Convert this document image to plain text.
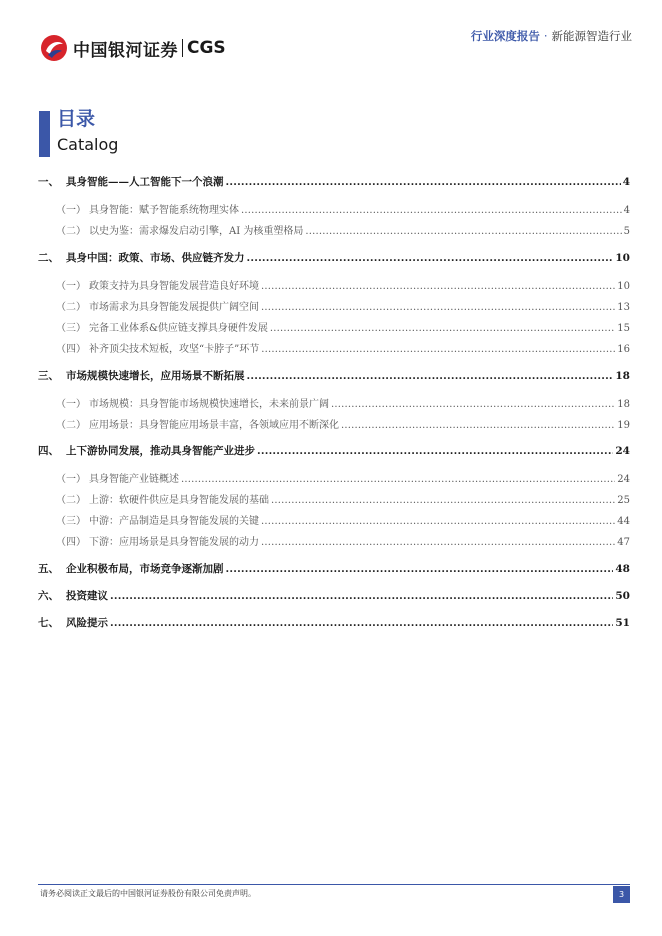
中国银河证券 CGS
行业深度报告 · 新能源智造行业
目录
Catalog
一、 具身智能——人工智能下一个浪潮 .....	4
（一） 具身智能：赋予智能系统物理实体 .....	4
（二） 以史为鉴：需求爆发启动引擎，AI 为核重塑格局 .....	5
二、 具身中国：政策、市场、供应链齐发力 .....	10
（一） 政策支持为具身智能发展营造良好环境 .....	10
（二） 市场需求为具身智能发展提供广阔空间 .....	13
（三） 完备工业体系&供应链支撑具身硬件发展 .....	15
（四） 补齐顶尖技术短板，攻坚“卡脖子”环节 .....	16
三、 市场规模快速增长，应用场景不断拓展 .....	18
（一） 市场规模：具身智能市场规模快速增长，未来前景广阔 .....	18
（二） 应用场景：具身智能应用场景丰富，各领域应用不断深化 .....	19
四、 上下游协同发展，推动具身智能产业进步 .....	24
（一） 具身智能产业链概述 .....	24
（二） 上游：软硬件供应是具身智能发展的基础 .....	25
（三） 中游：产品制造是具身智能发展的关键 .....	44
（四） 下游：应用场景是具身智能发展的动力 .....	47
五、 企业积极布局，市场竞争逐渐加剧 .....	48
六、 投资建议 .....	50
七、 风险提示 .....	51
请务必阅读正文最后的中国银河证券股份有限公司免责声明。	3
